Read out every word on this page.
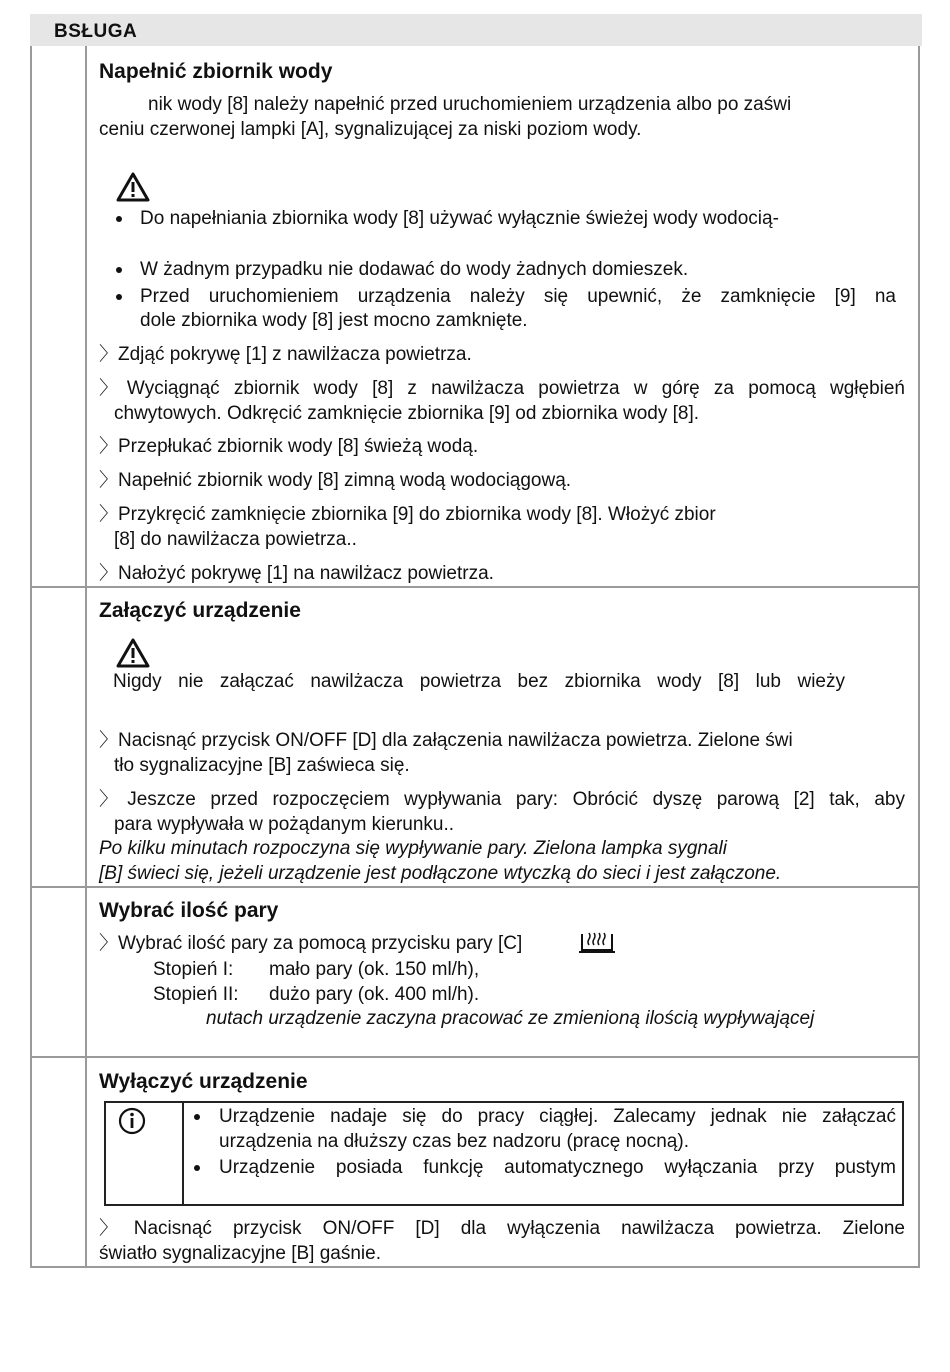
BSŁUGA
Napełnić zbiornik wody
nik wody [8] należy napełnić przed uruchomieniem urządzenia albo po zaświ
ceniu czerwonej lampki [A], sygnalizującej za niski poziom wody.
Do napełniania zbiornika wody [8] używać wyłącznie świeżej wody wodocią-
W żadnym przypadku nie dodawać do wody żadnych domieszek.
Przed uruchomieniem urządzenia należy się upewnić, że zamknięcie [9] na
dole zbiornika wody [8] jest mocno zamknięte.
〉Zdjąć pokrywę [1] z nawilżacza powietrza.
〉Wyciągnąć zbiornik wody [8] z nawilżacza powietrza w górę za pomocą wgłębień
chwytowych. Odkręcić zamknięcie zbiornika [9] od zbiornika wody [8].
〉Przepłukać zbiornik wody [8] świeżą wodą.
〉Napełnić zbiornik wody [8] zimną wodą wodociągową.
〉Przykręcić zamknięcie zbiornika [9] do zbiornika wody [8]. Włożyć zbior
[8] do nawilżacza powietrza..
〉Nałożyć pokrywę [1] na nawilżacz powietrza.
Załączyć urządzenie
Nigdy nie załączać nawilżacza powietrza bez zbiornika wody [8] lub wieży
〉Nacisnąć przycisk ON/OFF [D] dla załączenia nawilżacza powietrza. Zielone świ
tło sygnalizacyjne [B] zaświeca się.
〉Jeszcze przed rozpoczęciem wypływania pary: Obrócić dyszę parową [2] tak, aby
para wypływała w pożądanym kierunku..
Po kilku minutach rozpoczyna się wypływanie pary. Zielona lampka sygnali
[B] świeci się, jeżeli urządzenie jest podłączone wtyczką do sieci i jest załączone.
Wybrać ilość pary
〉Wybrać ilość pary za pomocą przycisku pary [C]
Stopień I: mało pary (ok. 150 ml/h),
Stopień II: dużo pary (ok. 400 ml/h).
nutach urządzenie zaczyna pracować ze zmienioną ilością wypływającej
Wyłączyć urządzenie
Urządzenie nadaje się do pracy ciągłej. Zalecamy jednak nie załączać
urządzenia na dłuższy czas bez nadzoru (pracę nocną).
Urządzenie posiada funkcję automatycznego wyłączania przy pustym
〉Nacisnąć przycisk ON/OFF [D] dla wyłączenia nawilżacza powietrza. Zielone
światło sygnalizacyjne [B] gaśnie.
